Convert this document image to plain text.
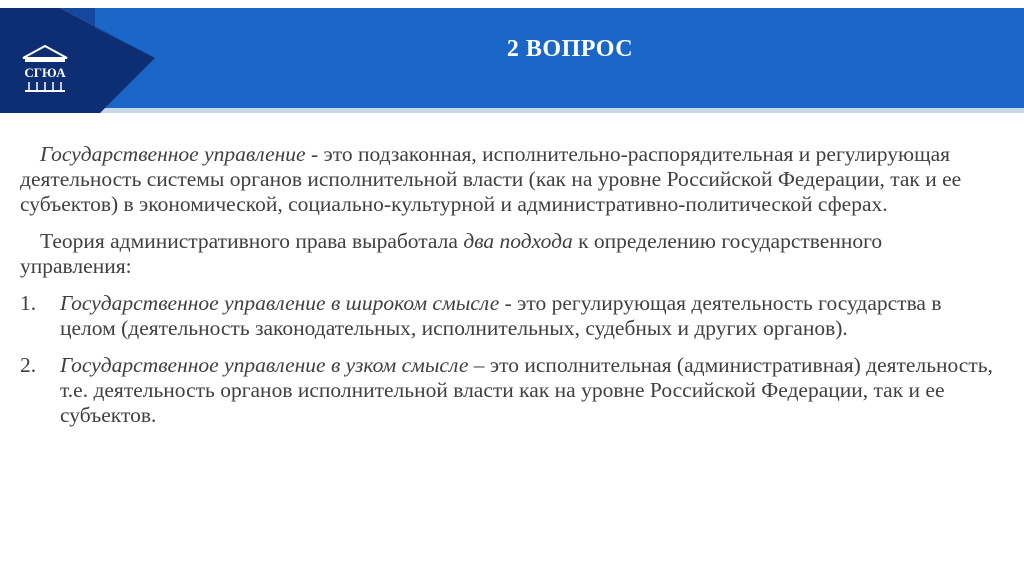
СГЮА
2 ВОПРОС

Государственное управление - это подзаконная, исполнительно-распорядительная и регулирующая деятельность системы органов исполнительной власти (как на уровне Российской Федерации, так и ее субъектов) в экономической, социально-культурной и административно-политической сферах.

Теория административного права выработала два подхода к определению государственного управления:

1.	Государственное управление в широком смысле - это регулирующая деятельность государства в целом (деятельность законодательных, исполнительных, судебных и других органов).
2.	Государственное управление в узком смысле – это исполнительная (административная) деятельность, т.е. деятельность органов исполнительной власти как на уровне Российской Федерации, так и ее субъектов.
